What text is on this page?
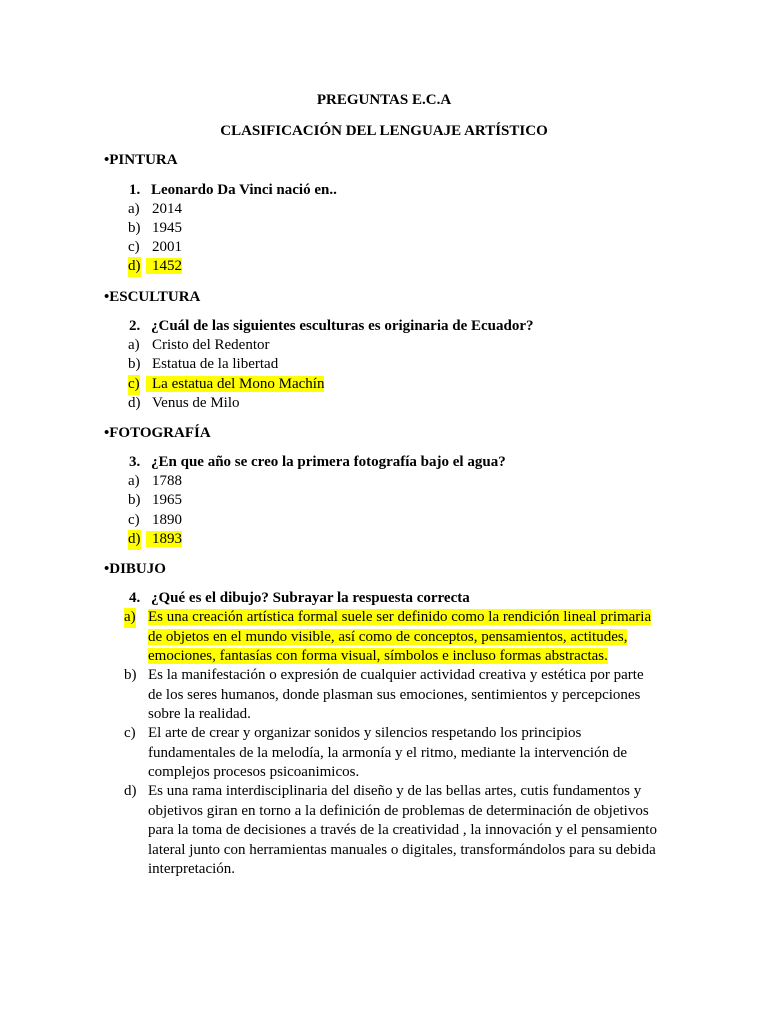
PREGUNTAS E.C.A
CLASIFICACIÓN DEL LENGUAJE ARTÍSTICO
•PINTURA
1. Leonardo Da Vinci nació en..
a) 2014
b) 1945
c) 2001
d) 1452
•ESCULTURA
2. ¿Cuál de las siguientes esculturas es originaria de Ecuador?
a) Cristo del Redentor
b) Estatua de la libertad
c) La estatua del Mono Machín
d) Venus de Milo
•FOTOGRAFÍA
3. ¿En que año se creo la primera fotografía bajo el agua?
a) 1788
b) 1965
c) 1890
d) 1893
•DIBUJO
4. ¿Qué es el dibujo? Subrayar la respuesta correcta
a) Es una creación artística formal suele ser definido como la rendición lineal primaria
de objetos en el mundo visible, así como de conceptos, pensamientos, actitudes,
emociones, fantasías con forma visual, símbolos e incluso formas abstractas.
b) Es la manifestación o expresión de cualquier actividad creativa y estética por parte
de los seres humanos, donde plasman sus emociones, sentimientos y percepciones
sobre la realidad.
c) El arte de crear y organizar sonidos y silencios respetando los principios
fundamentales de la melodía, la armonía y el ritmo, mediante la intervención de
complejos procesos psicoanimicos.
d) Es una rama interdisciplinaria del diseño y de las bellas artes, cutis fundamentos y
objetivos giran en torno a la definición de problemas de determinación de objetivos
para la toma de decisiones a través de la creatividad , la innovación y el pensamiento
lateral junto con herramientas manuales o digitales, transformándolos para su debida
interpretación.
